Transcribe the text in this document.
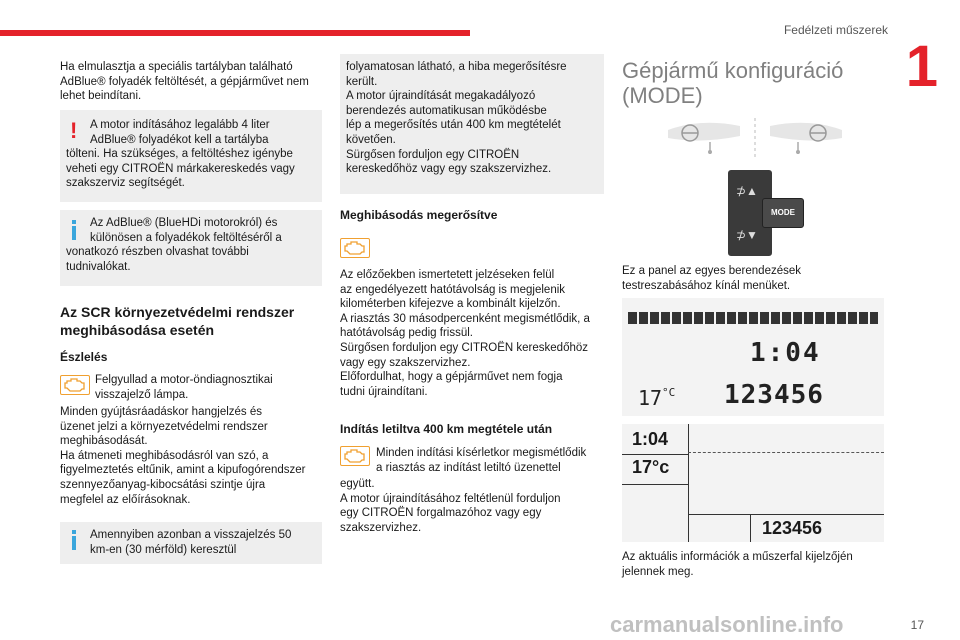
Fedélzeti műszerek
1
Ha elmulasztja a speciális tartályban található
AdBlue® folyadék feltöltését, a gépjárművet nem
lehet beindítani.
! A motor indításához legalább 4 liter
AdBlue® folyadékot kell a tartályba
tölteni. Ha szükséges, a feltöltéshez igénybe
veheti egy CITROËN márkakereskedés vagy
szakszerviz segítségét.
Az AdBlue® (BlueHDi motorokról) és
különösen a folyadékok feltöltéséről a
vonatkozó részben olvashat további
tudnivalókat.
Az SCR környezetvédelmi rendszer
meghibásodása esetén
Észlelés
Felgyullad a motor-öndiagnosztikai
visszajelző lámpa.
Minden gyújtásráadáskor hangjelzés és
üzenet jelzi a környezetvédelmi rendszer
meghibásodását.
Ha átmeneti meghibásodásról van szó, a
figyelmeztetés eltűnik, amint a kipufogórendszer
szennyezőanyag-kibocsátási szintje újra
megfelel az előírásoknak.
Amennyiben azonban a visszajelzés 50
km-en (30 mérföld) keresztül
folyamatosan látható, a hiba megerősítésre
került.
A motor újraindítását megakadályozó
berendezés automatikusan működésbe
lép a megerősítés után 400 km megtételét
követően.
Sürgősen forduljon egy CITROËN
kereskedőhöz vagy egy szakszervizhez.
Meghibásodás megerősítve
Az előzőekben ismertetett jelzéseken felül
az engedélyezett hatótávolság is megjelenik
kilométerben kifejezve a kombinált kijelzőn.
A riasztás 30 másodpercenként megismétlődik, a
hatótávolság pedig frissül.
Sürgősen forduljon egy CITROËN kereskedőhöz
vagy egy szakszervizhez.
Előfordulhat, hogy a gépjárművet nem fogja
tudni újraindítani.
Indítás letiltva 400 km megtétele után
Minden indítási kísérletkor megismétlődik
a riasztás az indítást letiltó üzenettel
együtt.
A motor újraindításához feltétlenül forduljon
egy CITROËN forgalmazóhoz vagy egy
szakszervizhez.
Gépjármű konfiguráció
(MODE)
⊅▲
⊅▼
MODE
Ez a panel az egyes berendezések
testreszabásához kínál menüket.
1:04
17 °C 123456
1:04
17°c
123456
Az aktuális információk a műszerfal kijelzőjén
jelennek meg.
17
carmanualsonline.info
